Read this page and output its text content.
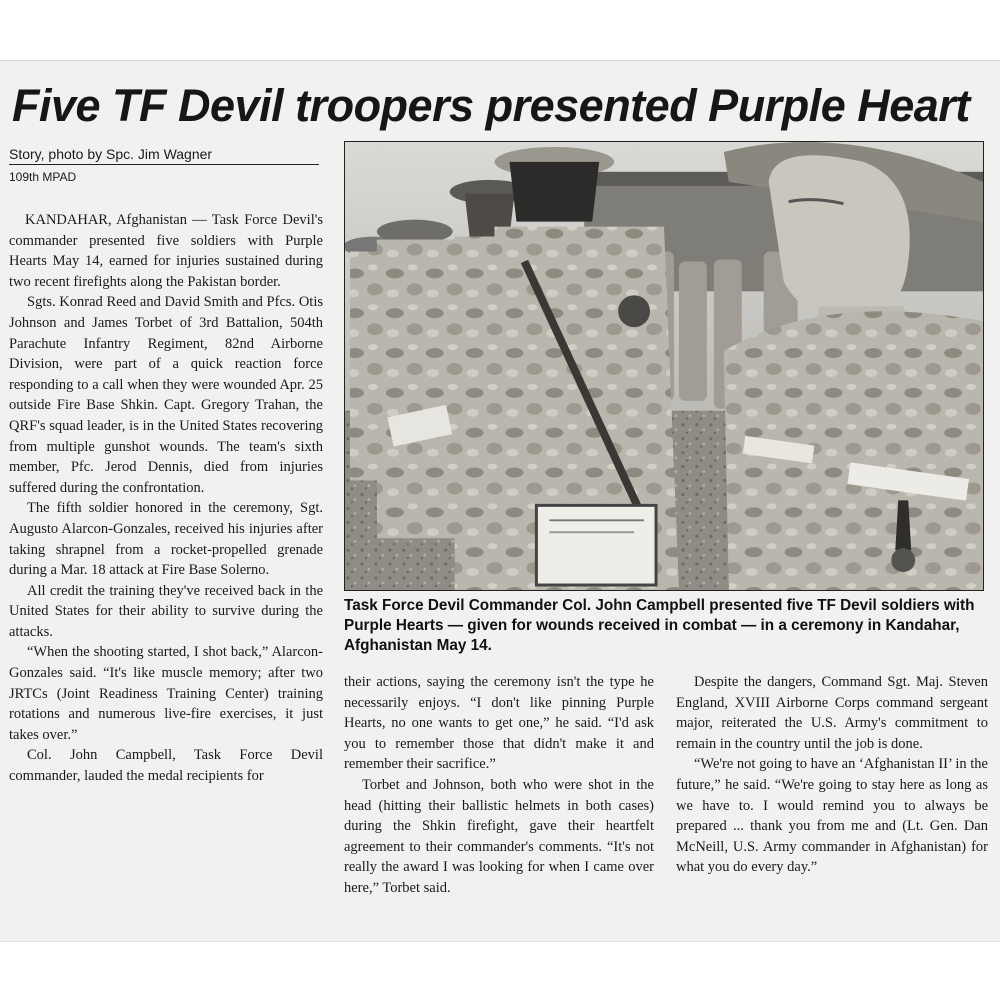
Five TF Devil troopers presented Purple Heart
Story, photo by Spc. Jim Wagner
109th MPAD

KANDAHAR, Afghanistan — Task Force Devil's commander presented five soldiers with Purple Hearts May 14, earned for injuries sustained during two recent firefights along the Pakistan border.

Sgts. Konrad Reed and David Smith and Pfcs. Otis Johnson and James Torbet of 3rd Battalion, 504th Parachute Infantry Regiment, 82nd Airborne Division, were part of a quick reaction force responding to a call when they were wounded Apr. 25 outside Fire Base Shkin. Capt. Gregory Trahan, the QRF's squad leader, is in the United States recovering from multiple gunshot wounds. The team's sixth member, Pfc. Jerod Dennis, died from injuries suffered during the confrontation.

The fifth soldier honored in the ceremony, Sgt. Augusto Alarcon-Gonzales, received his injuries after taking shrapnel from a rocket-propelled grenade during a Mar. 18 attack at Fire Base Solerno.

All credit the training they've received back in the United States for their ability to survive during the attacks.

“When the shooting started, I shot back,” Alarcon-Gonzales said. “It's like muscle memory; after two JRTCs (Joint Readiness Training Center) training rotations and numerous live-fire exercises, it just takes over.”

Col. John Campbell, Task Force Devil commander, lauded the medal recipients for

Task Force Devil Commander Col. John Campbell presented five TF Devil soldiers with Purple Hearts — given for wounds received in combat — in a ceremony in Kandahar, Afghanistan May 14.

their actions, saying the ceremony isn't the type he necessarily enjoys. “I don't like pinning Purple Hearts, no one wants to get one,” he said. “I'd ask you to remember those that didn't make it and remember their sacrifice.”

Torbet and Johnson, both who were shot in the head (hitting their ballistic helmets in both cases) during the Shkin firefight, gave their heartfelt agreement to their commander's comments. “It's not really the award I was looking for when I came over here,” Torbet said.

Despite the dangers, Command Sgt. Maj. Steven England, XVIII Airborne Corps command sergeant major, reiterated the U.S. Army's commitment to remain in the country until the job is done.

“We're not going to have an ‘Afghanistan II’ in the future,” he said. “We're going to stay here as long as we have to. I would remind you to always be prepared ... thank you from me and (Lt. Gen. Dan McNeill, U.S. Army commander in Afghanistan) for what you do every day.”
